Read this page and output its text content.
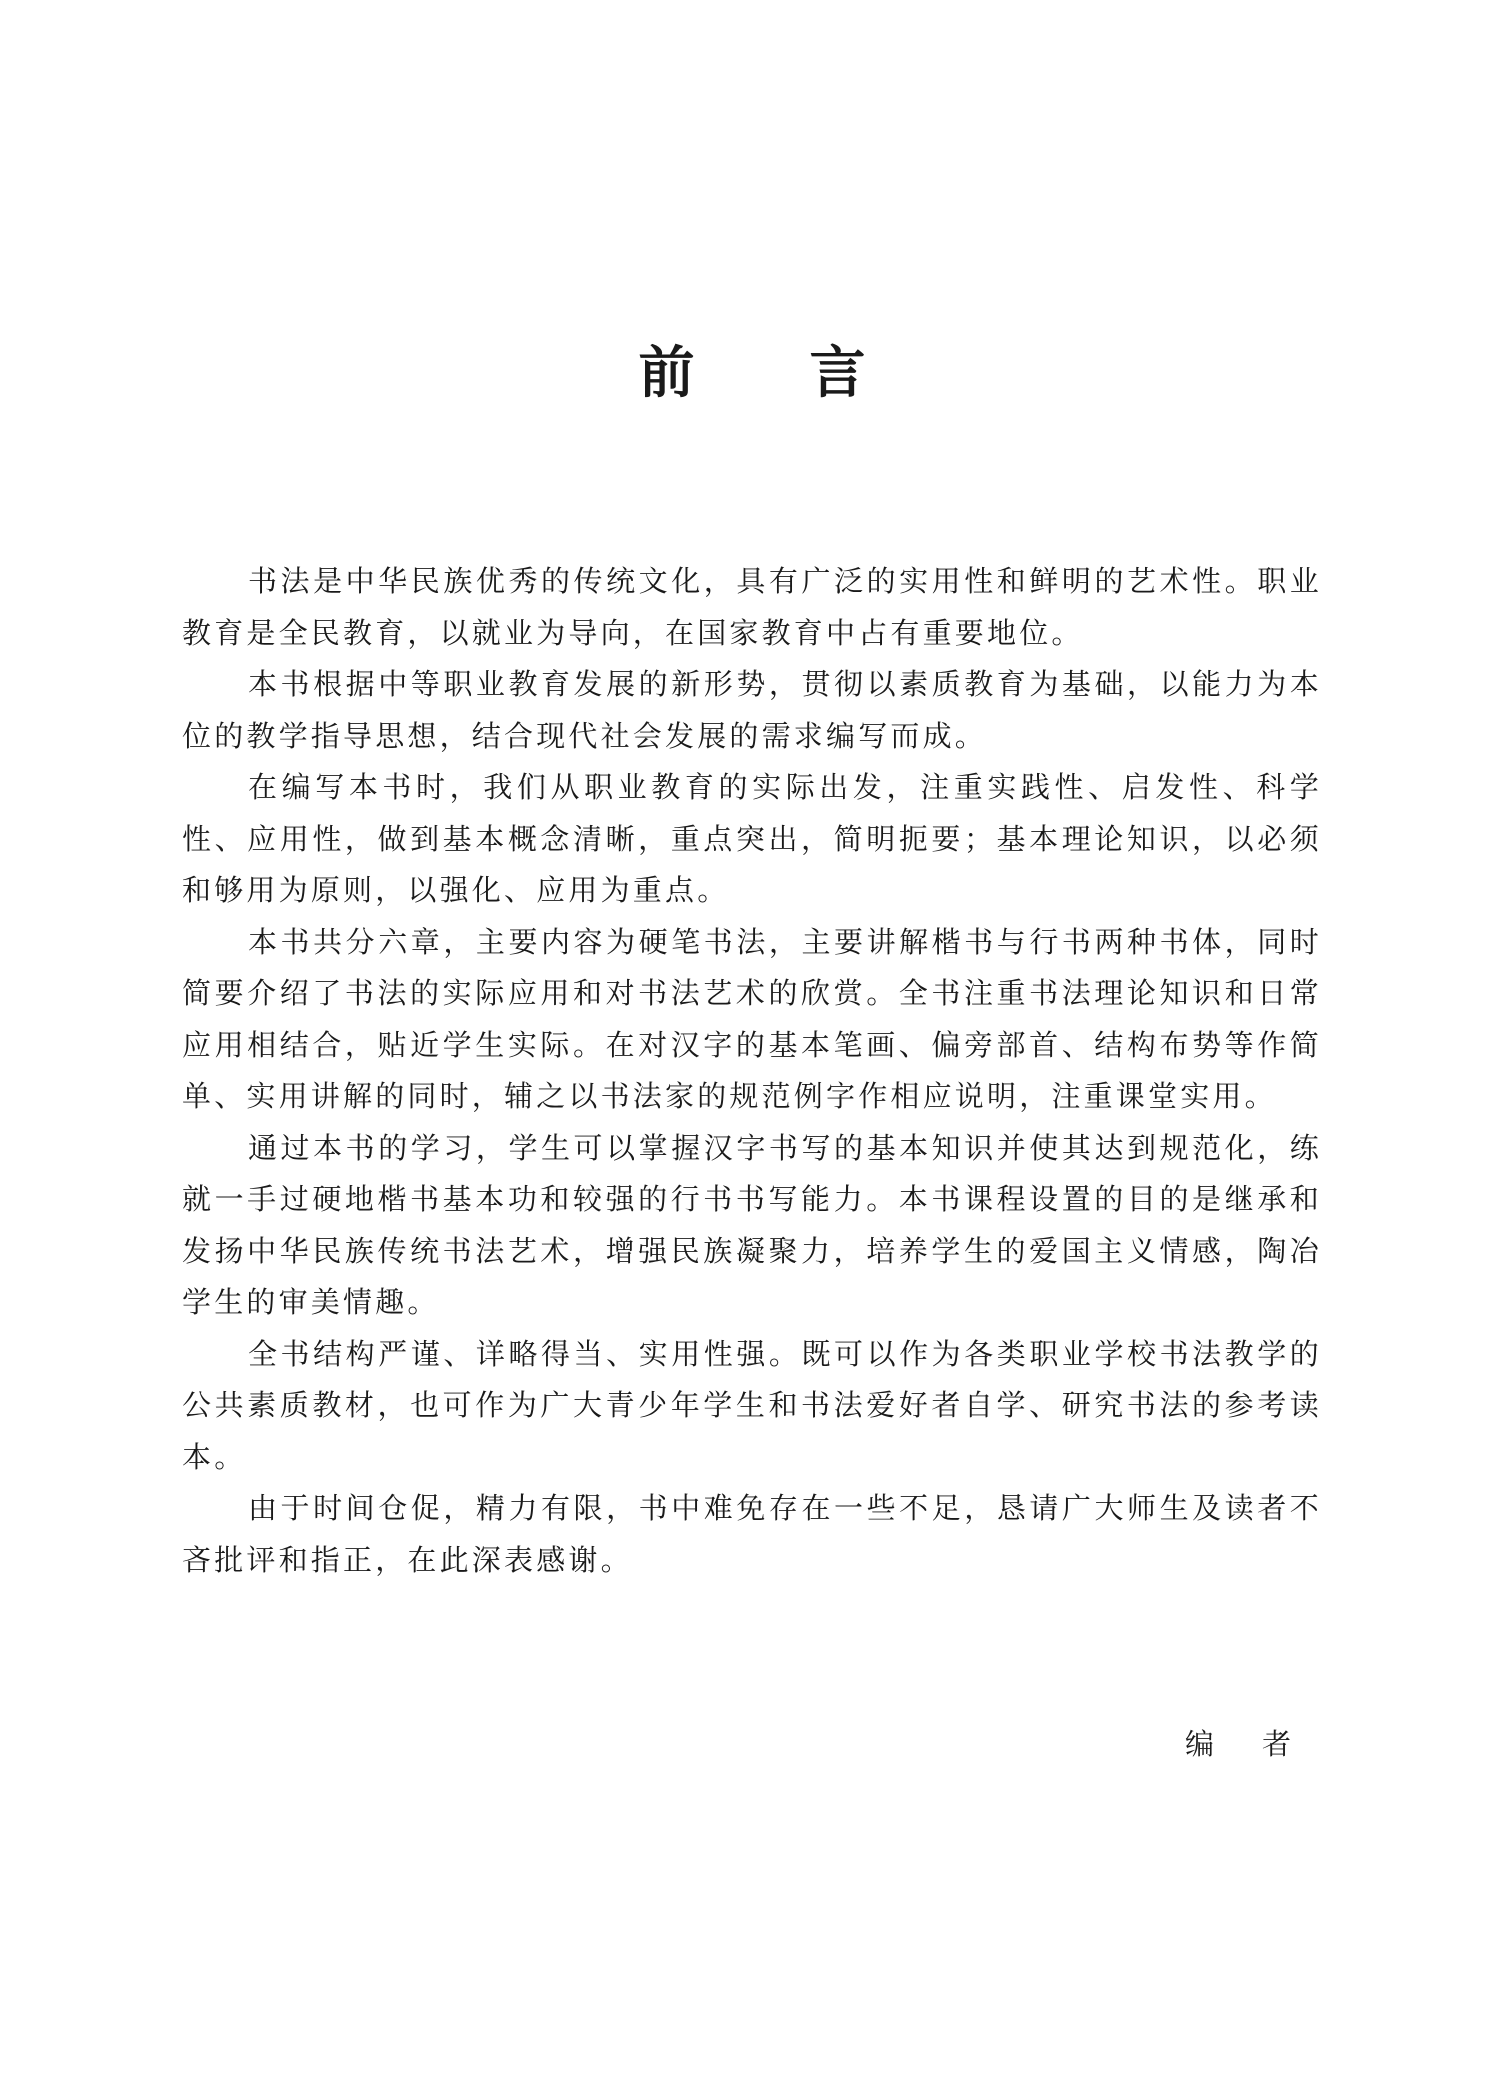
前 言

书法是中华民族优秀的传统文化，具有广泛的实用性和鲜明的艺术性。职业教育是全民教育，以就业为导向，在国家教育中占有重要地位。

本书根据中等职业教育发展的新形势，贯彻以素质教育为基础，以能力为本位的教学指导思想，结合现代社会发展的需求编写而成。

在编写本书时，我们从职业教育的实际出发，注重实践性、启发性、科学性、应用性，做到基本概念清晰，重点突出，简明扼要；基本理论知识，以必须和够用为原则，以强化、应用为重点。

本书共分六章，主要内容为硬笔书法，主要讲解楷书与行书两种书体，同时简要介绍了书法的实际应用和对书法艺术的欣赏。全书注重书法理论知识和日常应用相结合，贴近学生实际。在对汉字的基本笔画、偏旁部首、结构布势等作简单、实用讲解的同时，辅之以书法家的规范例字作相应说明，注重课堂实用。

通过本书的学习，学生可以掌握汉字书写的基本知识并使其达到规范化，练就一手过硬地楷书基本功和较强的行书书写能力。本书课程设置的目的是继承和发扬中华民族传统书法艺术，增强民族凝聚力，培养学生的爱国主义情感，陶冶学生的审美情趣。

全书结构严谨、详略得当、实用性强。既可以作为各类职业学校书法教学的公共素质教材，也可作为广大青少年学生和书法爱好者自学、研究书法的参考读本。

由于时间仓促，精力有限，书中难免存在一些不足，恳请广大师生及读者不吝批评和指正，在此深表感谢。

编 者
